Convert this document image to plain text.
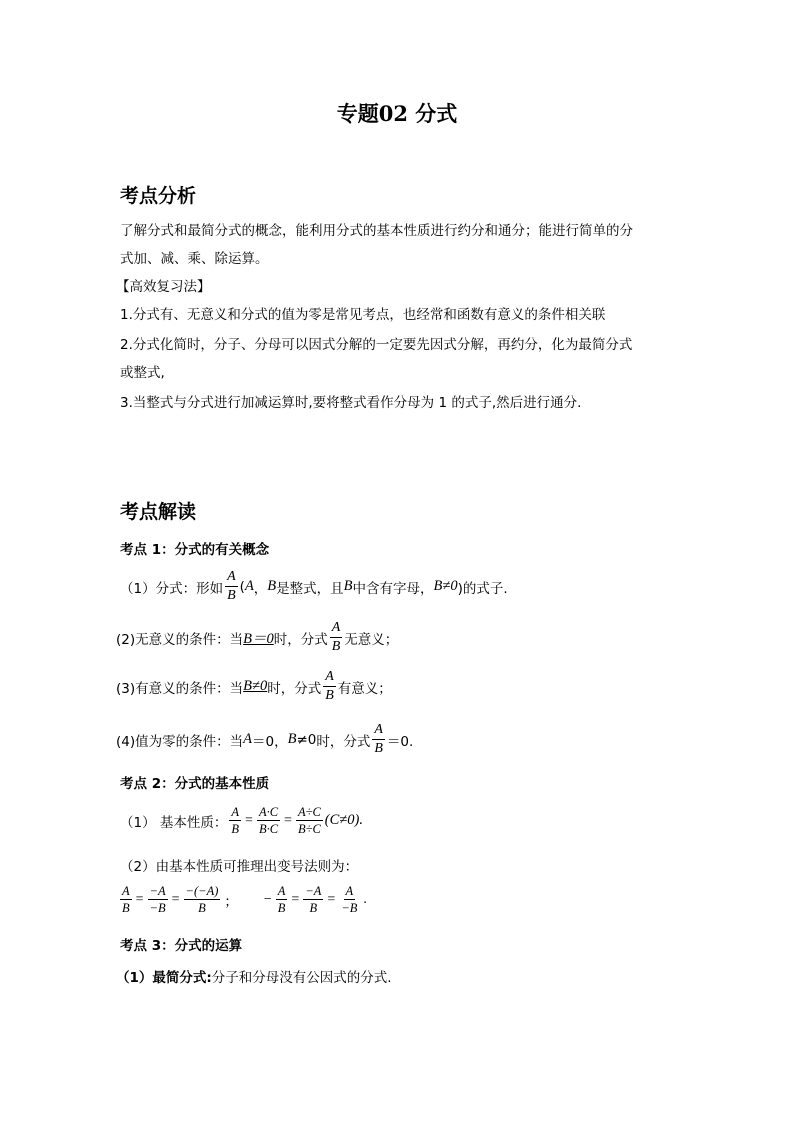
专题02 分式
考点分析
了解分式和最简分式的概念，能利用分式的基本性质进行约分和通分；能进行简单的分
式加、减、乘、除运算。
【高效复习法】
1.分式有、无意义和分式的值为零是常见考点，也经常和函数有意义的条件相关联
2.分式化简时，分子、分母可以因式分解的一定要先因式分解，再约分，化为最简分式
或整式,
3.当整式与分式进行加减运算时,要将整式看作分母为 1 的式子,然后进行通分.
考点解读
考点 1：分式的有关概念
（1）分式：形如 $\frac{A}{B}$ ( A ， B 是整式，且 B 中含有字母， B≠0 )的式子.
(2)无意义的条件：当 B＝0 时，分式 $\frac{A}{B}$ 无意义；
(3)有意义的条件：当 B≠0 时，分式 $\frac{A}{B}$ 有意义；
(4)值为零的条件：当 A ＝0， B ≠0 时，分式 $\frac{A}{B} =0$.
考点 2：分式的基本性质
（1） 基本性质： $\frac{A}{B} = \frac{A\cdot C}{B\cdot C} = \frac{A\div C}{B\div C} (C\ne 0)$.
（2）由基本性质可推理出变号法则为：
$\frac{A}{B} = \frac{-A}{-B} = \frac{-(-A)}{B}$ ； − $\frac{A}{B} = \frac{-A}{B} = \frac{A}{-B}$ .
考点 3：分式的运算
（1）最简分式:分子和分母没有公因式的分式.
